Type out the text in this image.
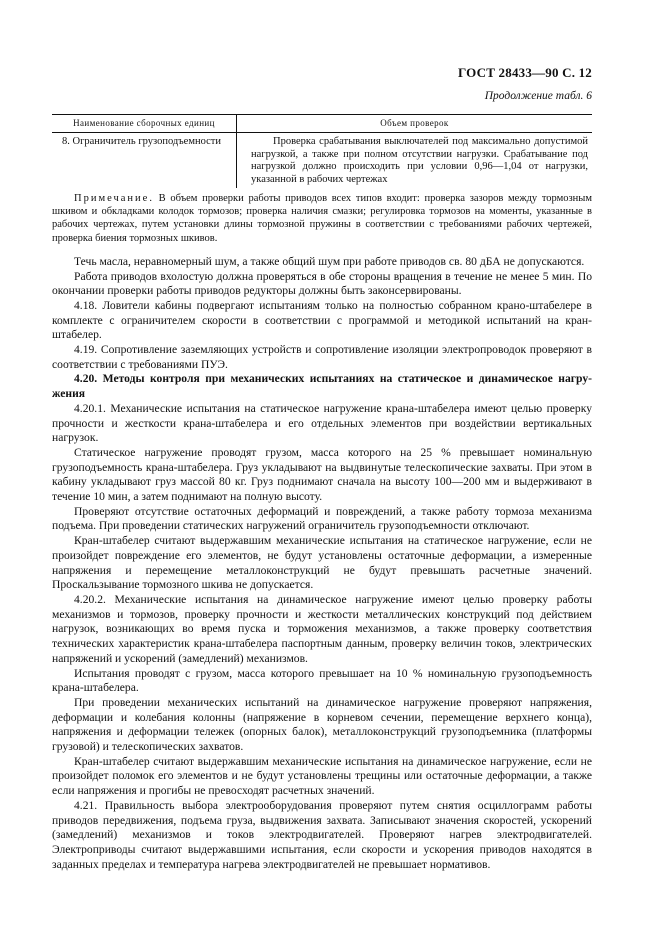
ГОСТ 28433—90 С. 12
Продолжение табл. 6
Наименование сборочных единиц	Объем проверок
8. Ограничитель грузоподъемности	Проверка срабатывания выключателей под максимально допустимой нагрузкой, а также при полном отсутствии нагрузки. Срабатывание под нагрузкой должно происходить при условии 0,96—1,04 от нагрузки, указанной в рабочих чертежах

Примечание. В объем проверки работы приводов всех типов входит: проверка зазоров между тормозным шкивом и обкладками колодок тормозов; проверка наличия смазки; регулировка тормозов на моменты, указанные в рабочих чертежах, путем установки длины тормозной пружины в соответствии с требованиями рабочих чертежей, проверка биения тормозных шкивов.

Течь масла, неравномерный шум, а также общий шум при работе приводов св. 80 дБА не допускаются.

Работа приводов вхолостую должна проверяться в обе стороны вращения в течение не менее 5 мин. По окончании проверки работы приводов редукторы должны быть законсервированы.

4.18. Ловители кабины подвергают испытаниям только на полностью собранном крано-штабелере в комплекте с ограничителем скорости в соответствии с программой и методикой испытаний на кран-штабелер.

4.19. Сопротивление заземляющих устройств и сопротивление изоляции электропроводок проверяют в соответствии с требованиями ПУЭ.

4.20. Методы контроля при механических испытаниях на статическое и динамическое нагружения

4.20.1. Механические испытания на статическое нагружение крана-штабелера имеют целью проверку прочности и жесткости крана-штабелера и его отдельных элементов при воздействии вертикальных нагрузок.

Статическое нагружение проводят грузом, масса которого на 25 % превышает номинальную грузоподъемность крана-штабелера. Груз укладывают на выдвинутые телескопические захваты. При этом в кабину укладывают груз массой 80 кг. Груз поднимают сначала на высоту 100—200 мм и выдерживают в течение 10 мин, а затем поднимают на полную высоту.

Проверяют отсутствие остаточных деформаций и повреждений, а также работу тормоза механизма подъема. При проведении статических нагружений ограничитель грузоподъемности отключают.

Кран-штабелер считают выдержавшим механические испытания на статическое нагружение, если не произойдет повреждение его элементов, не будут установлены остаточные деформации, а измеренные напряжения и перемещение металлоконструкций не будут превышать расчетные значений. Проскальзывание тормозного шкива не допускается.

4.20.2. Механические испытания на динамическое нагружение имеют целью проверку работы механизмов и тормозов, проверку прочности и жесткости металлических конструкций под действием нагрузок, возникающих во время пуска и торможения механизмов, а также проверку соответствия технических характеристик крана-штабелера паспортным данным, проверку величин токов, электрических напряжений и ускорений (замедлений) механизмов.

Испытания проводят с грузом, масса которого превышает на 10 % номинальную грузоподъемность крана-штабелера.

При проведении механических испытаний на динамическое нагружение проверяют напряжения, деформации и колебания колонны (напряжение в корневом сечении, перемещение верхнего конца), напряжения и деформации тележек (опорных балок), металлоконструкций грузоподъемника (платформы грузовой) и телескопических захватов.

Кран-штабелер считают выдержавшим механические испытания на динамическое нагружение, если не произойдет поломок его элементов и не будут установлены трещины или остаточные деформации, а также если напряжения и прогибы не превосходят расчетных значений.

4.21. Правильность выбора электрооборудования проверяют путем снятия осциллограмм работы приводов передвижения, подъема груза, выдвижения захвата. Записывают значения скоростей, ускорений (замедлений) механизмов и токов электродвигателей. Проверяют нагрев электродвигателей. Электроприводы считают выдержавшими испытания, если скорости и ускорения приводов находятся в заданных пределах и температура нагрева электродвигателей не превышает нормативов.
